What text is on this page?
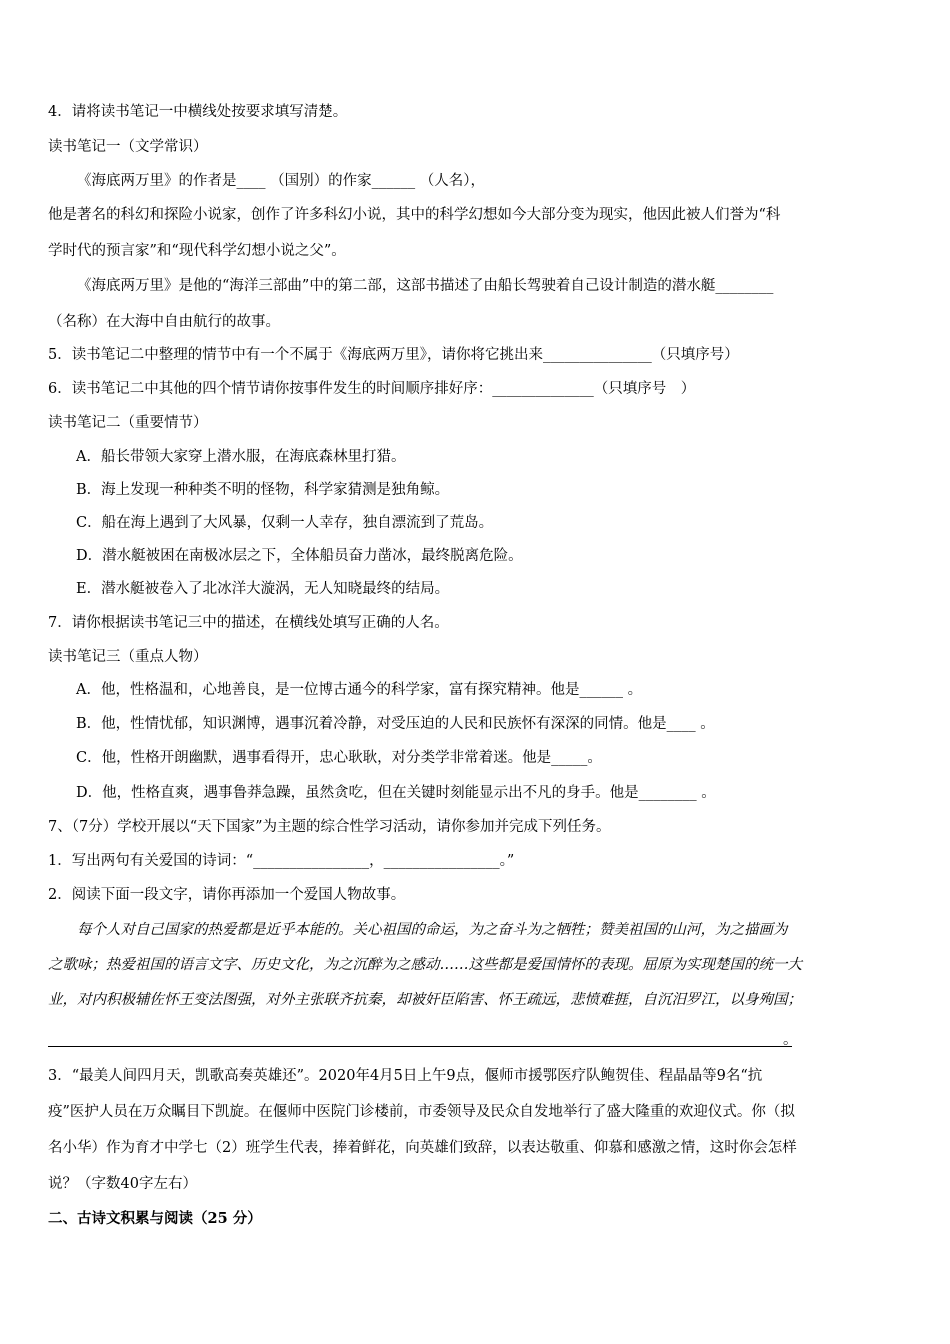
4．请将读书笔记一中横线处按要求填写清楚。
读书笔记一（文学常识）
《海底两万里》的作者是____ （国别）的作家______ （人名），
他是著名的科幻和探险小说家，创作了许多科幻小说，其中的科学幻想如今大部分变为现实，他因此被人们誉为“科
学时代的预言家”和“现代科学幻想小说之父”。
《海底两万里》是他的“海洋三部曲”中的第二部，这部书描述了由船长驾驶着自己设计制造的潜水艇________
（名称）在大海中自由航行的故事。
5．读书笔记二中整理的情节中有一个不属于《海底两万里》，请你将它挑出来_______________（只填序号）
6．读书笔记二中其他的四个情节请你按事件发生的时间顺序排好序：______________（只填序号　）
读书笔记二（重要情节）
A．船长带领大家穿上潜水服，在海底森林里打猎。
B．海上发现一种种类不明的怪物，科学家猜测是独角鲸。
C．船在海上遇到了大风暴，仅剩一人幸存，独自漂流到了荒岛。
D．潜水艇被困在南极冰层之下，全体船员奋力凿冰，最终脱离危险。
E．潜水艇被卷入了北冰洋大漩涡，无人知晓最终的结局。
7．请你根据读书笔记三中的描述，在横线处填写正确的人名。
读书笔记三（重点人物）
A．他，性格温和，心地善良，是一位博古通今的科学家，富有探究精神。他是______ 。
B．他，性情忧郁，知识渊博，遇事沉着冷静，对受压迫的人民和民族怀有深深的同情。他是____ 。
C．他，性格开朗幽默，遇事看得开，忠心耿耿，对分类学非常着迷。他是_____。
D．他，性格直爽，遇事鲁莽急躁，虽然贪吃，但在关键时刻能显示出不凡的身手。他是________ 。
7、（7分）学校开展以“天下国家”为主题的综合性学习活动，请你参加并完成下列任务。
1．写出两句有关爱国的诗词：“________________，________________。”
2．阅读下面一段文字，请你再添加一个爱国人物故事。
每个人对自己国家的热爱都是近乎本能的。关心祖国的命运，为之奋斗为之牺牲；赞美祖国的山河，为之描画为
之歌咏；热爱祖国的语言文字、历史文化，为之沉醉为之感动……这些都是爱国情怀的表现。屈原为实现楚国的统一大
业，对内积极辅佐怀王变法图强，对外主张联齐抗秦，却被奸臣陷害、怀王疏远，悲愤难捱，自沉汨罗江，以身殉国；
。
3．“最美人间四月天，凯歌高奏英雄还”。2020年4月5日上午9点，偃师市援鄂医疗队鲍贺佳、程晶晶等9名“抗
疫”医护人员在万众瞩目下凯旋。在偃师中医院门诊楼前，市委领导及民众自发地举行了盛大隆重的欢迎仪式。你（拟
名小华）作为育才中学七（2）班学生代表，捧着鲜花，向英雄们致辞，以表达敬重、仰慕和感激之情，这时你会怎样
说？（字数40字左右）
二、古诗文积累与阅读（25 分）
